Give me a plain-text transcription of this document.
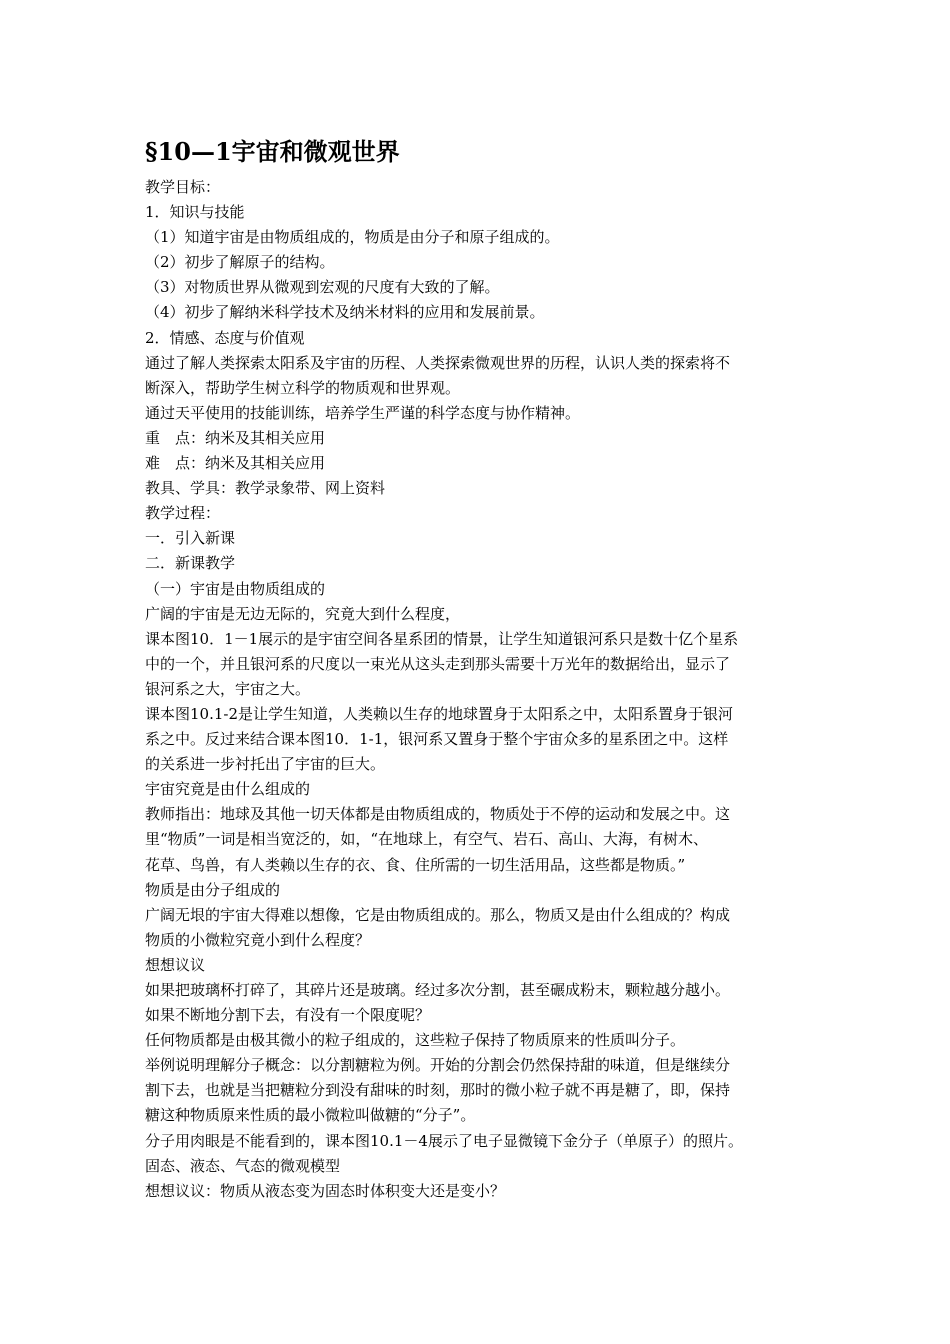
§10—1宇宙和微观世界

教学目标：

1．知识与技能

（1）知道宇宙是由物质组成的，物质是由分子和原子组成的。

（2）初步了解原子的结构。

（3）对物质世界从微观到宏观的尺度有大致的了解。

（4）初步了解纳米科学技术及纳米材料的应用和发展前景。

2．情感、态度与价值观

通过了解人类探索太阳系及宇宙的历程、人类探索微观世界的历程，认识人类的探索将不

断深入，帮助学生树立科学的物质观和世界观。

通过天平使用的技能训练，培养学生严谨的科学态度与协作精神。

重　点：纳米及其相关应用

难　点：纳米及其相关应用

教具、学具：教学录象带、网上资料

教学过程：

一．引入新课

二．新课教学

（一）宇宙是由物质组成的

广阔的宇宙是无边无际的，究竟大到什么程度，

课本图10．1－1展示的是宇宙空间各星系团的情景，让学生知道银河系只是数十亿个星系

中的一个，并且银河系的尺度以一束光从这头走到那头需要十万光年的数据给出，显示了

银河系之大，宇宙之大。

课本图10.1-2是让学生知道，人类赖以生存的地球置身于太阳系之中，太阳系置身于银河

系之中。反过来结合课本图10．1-1，银河系又置身于整个宇宙众多的星系团之中。这样

的关系进一步衬托出了宇宙的巨大。

宇宙究竟是由什么组成的

教师指出：地球及其他一切天体都是由物质组成的，物质处于不停的运动和发展之中。这

里“物质”一词是相当宽泛的，如，“在地球上，有空气、岩石、高山、大海，有树木、

花草、鸟兽，有人类赖以生存的衣、食、住所需的一切生活用品，这些都是物质。”

物质是由分子组成的

广阔无垠的宇宙大得难以想像，它是由物质组成的。那么，物质又是由什么组成的？构成

物质的小微粒究竟小到什么程度？

想想议议

如果把玻璃杯打碎了，其碎片还是玻璃。经过多次分割，甚至碾成粉末，颗粒越分越小。

如果不断地分割下去，有没有一个限度呢？

任何物质都是由极其微小的粒子组成的，这些粒子保持了物质原来的性质叫分子。

举例说明理解分子概念：以分割糖粒为例。开始的分割会仍然保持甜的味道，但是继续分

割下去，也就是当把糖粒分到没有甜味的时刻，那时的微小粒子就不再是糖了，即，保持

糖这种物质原来性质的最小微粒叫做糖的“分子”。

分子用肉眼是不能看到的，课本图10.1－4展示了电子显微镜下金分子（单原子）的照片。

固态、液态、气态的微观模型

想想议议：物质从液态变为固态时体积变大还是变小？
